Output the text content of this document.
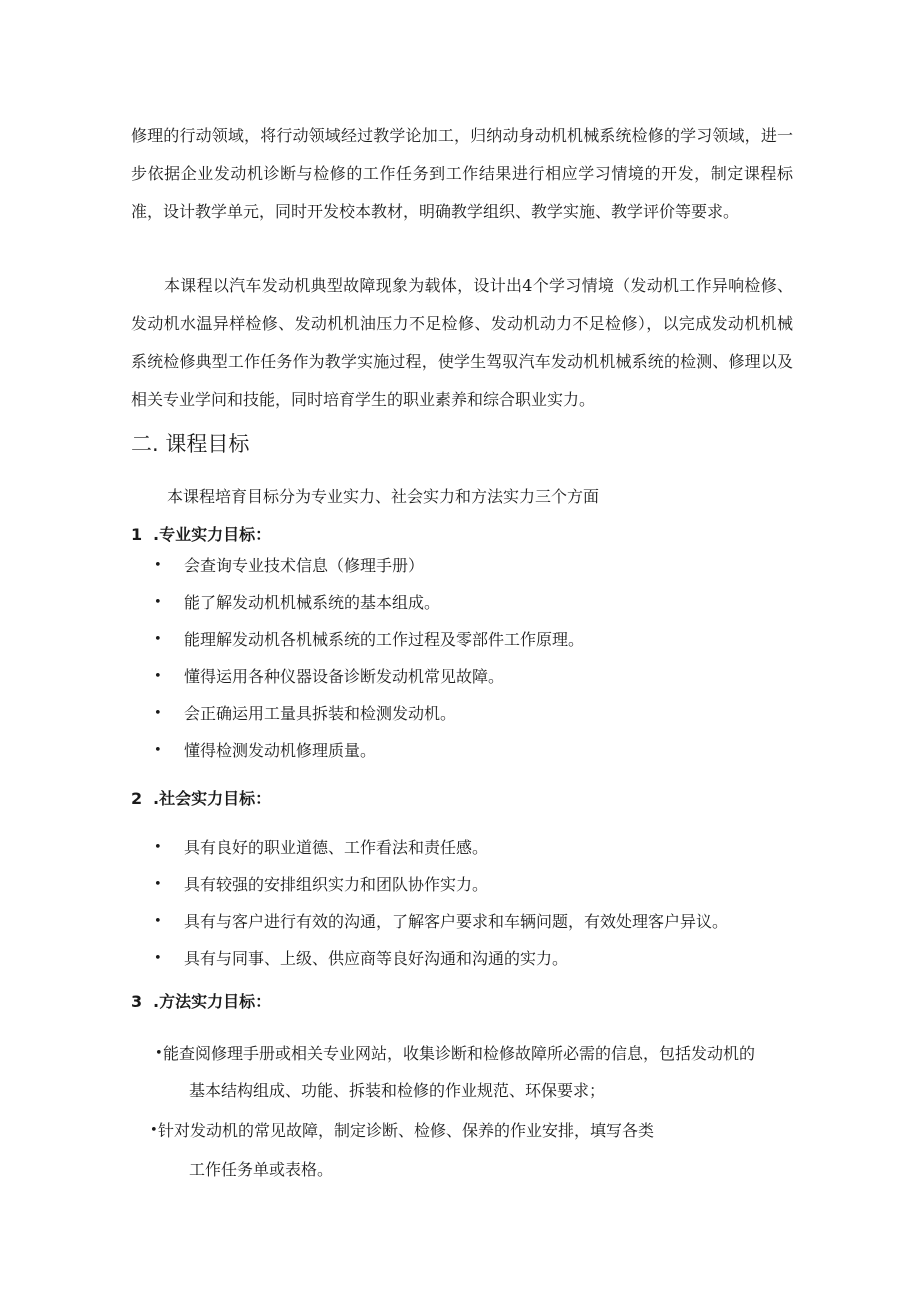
修理的行动领域，将行动领域经过教学论加工，归纳动身动机机械系统检修的学习领域，进一步依据企业发动机诊断与检修的工作任务到工作结果进行相应学习情境的开发，制定课程标准，设计教学单元，同时开发校本教材，明确教学组织、教学实施、教学评价等要求。

本课程以汽车发动机典型故障现象为载体，设计出4个学习情境（发动机工作异响检修、发动机水温异样检修、发动机机油压力不足检修、发动机动力不足检修），以完成发动机机械系统检修典型工作任务作为教学实施过程，使学生驾驭汽车发动机机械系统的检测、修理以及相关专业学问和技能，同时培育学生的职业素养和综合职业实力。

二. 课程目标

本课程培育目标分为专业实力、社会实力和方法实力三个方面

1 .专业实力目标：
• 会查询专业技术信息（修理手册）
• 能了解发动机机械系统的基本组成。
• 能理解发动机各机械系统的工作过程及零部件工作原理。
• 懂得运用各种仪器设备诊断发动机常见故障。
• 会正确运用工量具拆装和检测发动机。
• 懂得检测发动机修理质量。
2 .社会实力目标：
• 具有良好的职业道德、工作看法和责任感。
• 具有较强的安排组织实力和团队协作实力。
• 具有与客户进行有效的沟通，了解客户要求和车辆问题，有效处理客户异议。
• 具有与同事、上级、供应商等良好沟通和沟通的实力。
3 .方法实力目标：
• 能查阅修理手册或相关专业网站，收集诊断和检修故障所必需的信息，包括发动机的

基本结构组成、功能、拆装和检修的作业规范、环保要求；

• 针对发动机的常见故障，制定诊断、检修、保养的作业安排，填写各类

工作任务单或表格。
